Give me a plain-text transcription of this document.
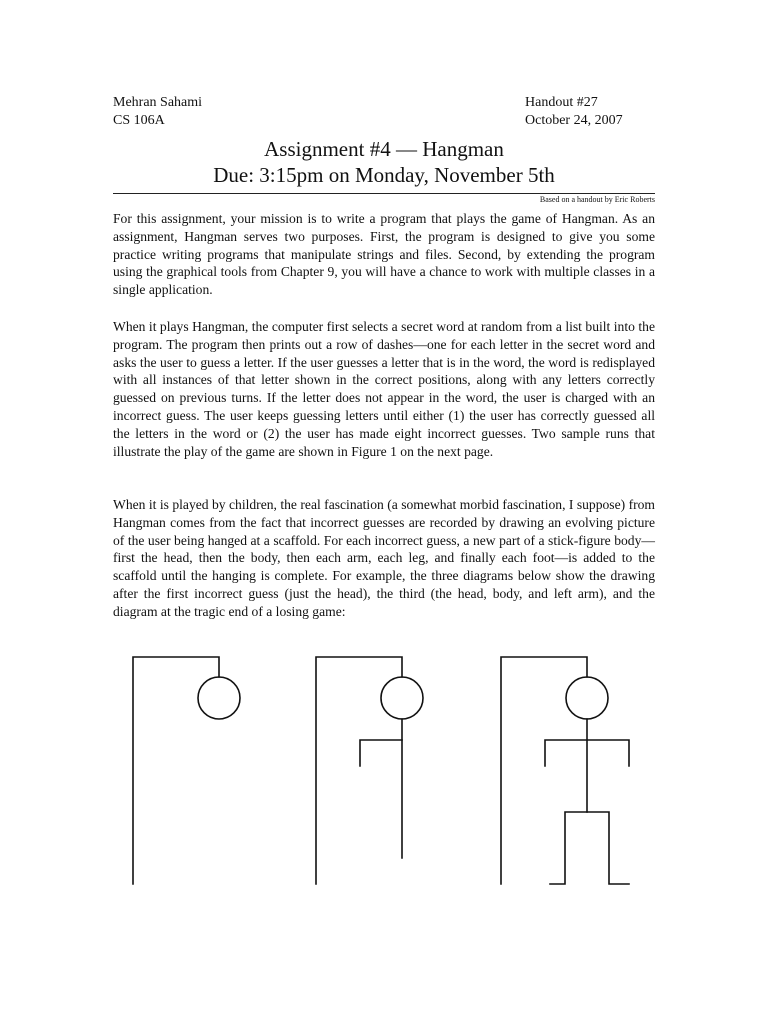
Mehran Sahami
CS 106A
Handout #27
October 24, 2007
Assignment #4 — Hangman
Due: 3:15pm on Monday, November 5th
Based on a handout by Eric Roberts

For this assignment, your mission is to write a program that plays the game of Hangman. As an assignment, Hangman serves two purposes. First, the program is designed to give you some practice writing programs that manipulate strings and files. Second, by extending the program using the graphical tools from Chapter 9, you will have a chance to work with multiple classes in a single application.

When it plays Hangman, the computer first selects a secret word at random from a list built into the program. The program then prints out a row of dashes—one for each letter in the secret word and asks the user to guess a letter. If the user guesses a letter that is in the word, the word is redisplayed with all instances of that letter shown in the correct positions, along with any letters correctly guessed on previous turns. If the letter does not appear in the word, the user is charged with an incorrect guess. The user keeps guessing letters until either (1) the user has correctly guessed all the letters in the word or (2) the user has made eight incorrect guesses. Two sample runs that illustrate the play of the game are shown in Figure 1 on the next page.

When it is played by children, the real fascination (a somewhat morbid fascination, I suppose) from Hangman comes from the fact that incorrect guesses are recorded by drawing an evolving picture of the user being hanged at a scaffold. For each incorrect guess, a new part of a stick-figure body—first the head, then the body, then each arm, each leg, and finally each foot—is added to the scaffold until the hanging is complete. For example, the three diagrams below show the drawing after the first incorrect guess (just the head), the third (the head, body, and left arm), and the diagram at the tragic end of a losing game:
